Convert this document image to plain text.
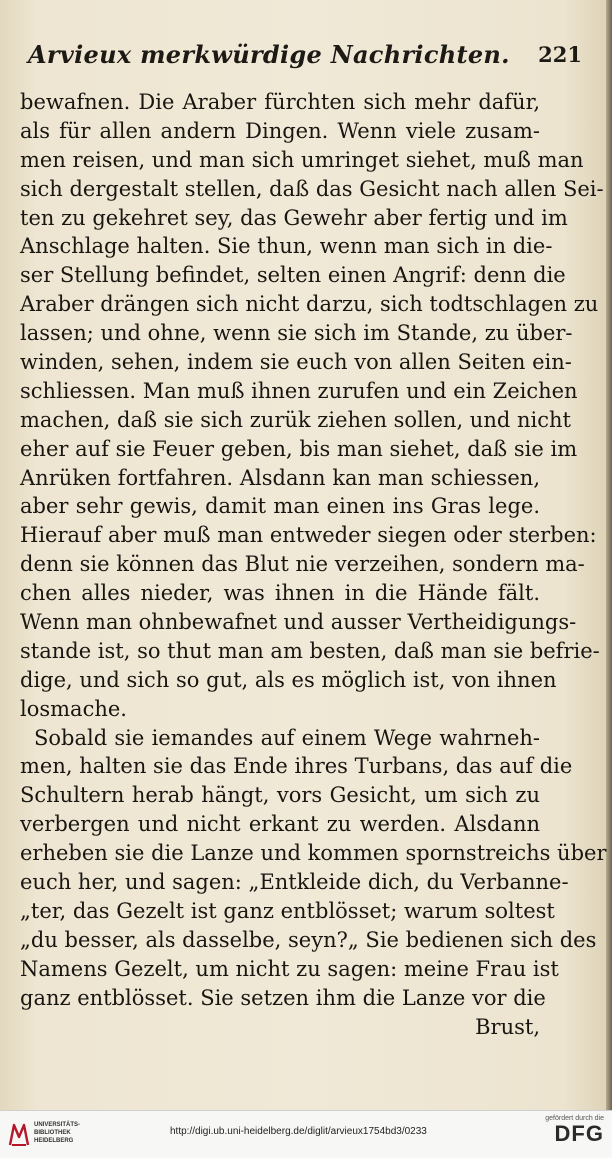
Arvieux merkwürdige Nachrichten. 221
bewafnen. Die Araber fürchten sich mehr dafür,
als für allen andern Dingen. Wenn viele zusam-
men reisen, und man sich umringet siehet, muß man
sich dergestalt stellen, daß das Gesicht nach allen Sei-
ten zu gekehret sey, das Gewehr aber fertig und im
Anschlage halten. Sie thun, wenn man sich in die-
ser Stellung befindet, selten einen Angrif: denn die
Araber drängen sich nicht darzu, sich todtschlagen zu
lassen; und ohne, wenn sie sich im Stande, zu über-
winden, sehen, indem sie euch von allen Seiten ein-
schliessen. Man muß ihnen zurufen und ein Zeichen
machen, daß sie sich zurük ziehen sollen, und nicht
eher auf sie Feuer geben, bis man siehet, daß sie im
Anrüken fortfahren. Alsdann kan man schiessen,
aber sehr gewis, damit man einen ins Gras lege.
Hierauf aber muß man entweder siegen oder sterben:
denn sie können das Blut nie verzeihen, sondern ma-
chen alles nieder, was ihnen in die Hände fält.
Wenn man ohnbewafnet und ausser Vertheidigungs-
stande ist, so thut man am besten, daß man sie befrie-
dige, und sich so gut, als es möglich ist, von ihnen
losmache.
Sobald sie iemandes auf einem Wege wahrneh-
men, halten sie das Ende ihres Turbans, das auf die
Schultern herab hängt, vors Gesicht, um sich zu
verbergen und nicht erkant zu werden. Alsdann
erheben sie die Lanze und kommen spornstreichs über
euch her, und sagen: „Entkleide dich, du Verbanne-
„ter, das Gezelt ist ganz entblösset; warum soltest
„du besser, als dasselbe, seyn?„ Sie bedienen sich des
Namens Gezelt, um nicht zu sagen: meine Frau ist
ganz entblösset. Sie setzen ihm die Lanze vor die
Brust,
UNIVERSITÄTS-
BIBLIOTHEK
HEIDELBERG
http://digi.ub.uni-heidelberg.de/diglit/arvieux1754bd3/0233
gefördert durch die
DFG
